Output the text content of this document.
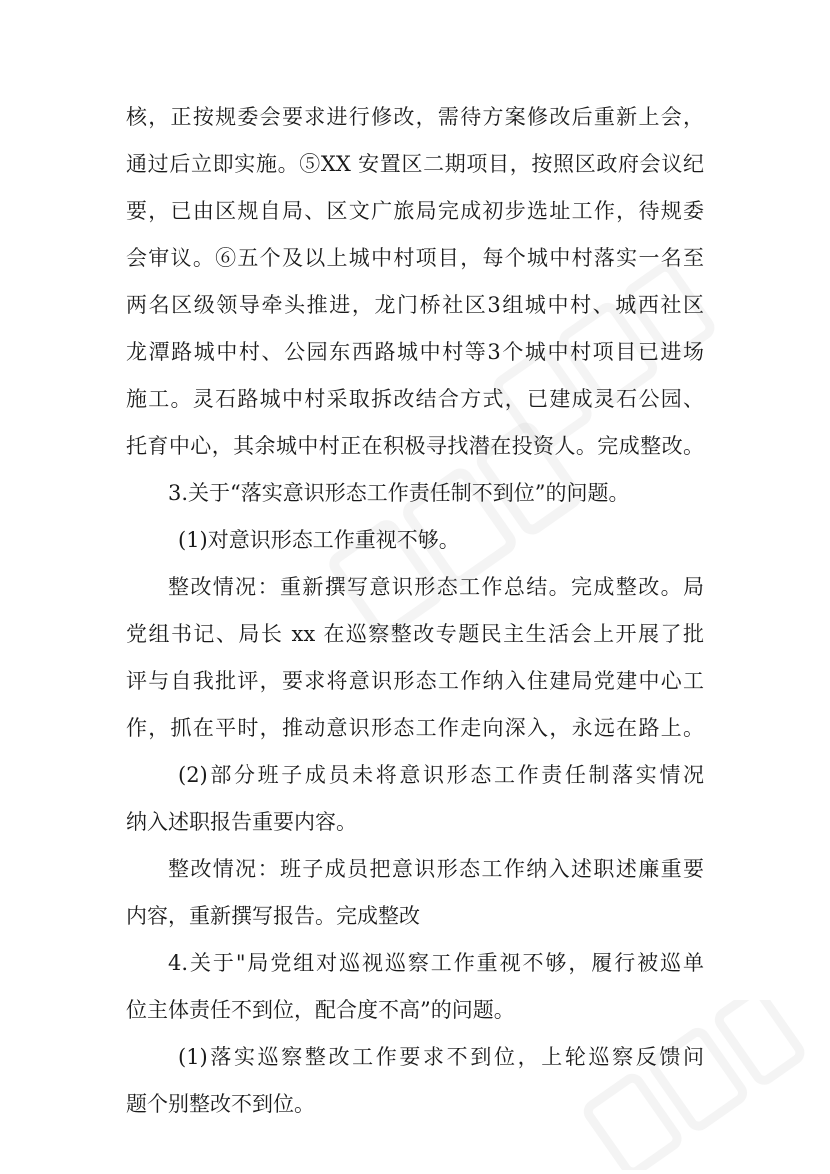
核，正按规委会要求进行修改，需待方案修改后重新上会，
通过后立即实施。⑤XX 安置区二期项目，按照区政府会议纪
要，已由区规自局、区文广旅局完成初步选址工作，待规委
会审议。⑥五个及以上城中村项目，每个城中村落实一名至
两名区级领导牵头推进，龙门桥社区3组城中村、城西社区
龙潭路城中村、公园东西路城中村等3个城中村项目已进场
施工。灵石路城中村采取拆改结合方式，已建成灵石公园、
托育中心，其余城中村正在积极寻找潜在投资人。完成整改。
3.关于“落实意识形态工作责任制不到位”的问题。
(1)对意识形态工作重视不够。
整改情况：重新撰写意识形态工作总结。完成整改。局
党组书记、局长 xx 在巡察整改专题民主生活会上开展了批
评与自我批评，要求将意识形态工作纳入住建局党建中心工
作，抓在平时，推动意识形态工作走向深入，永远在路上。
(2)部分班子成员未将意识形态工作责任制落实情况
纳入述职报告重要内容。
整改情况：班子成员把意识形态工作纳入述职述廉重要
内容，重新撰写报告。完成整改
4.关于"局党组对巡视巡察工作重视不够，履行被巡单
位主体责任不到位，配合度不高”的问题。
(1)落实巡察整改工作要求不到位，上轮巡察反馈问
题个别整改不到位。
